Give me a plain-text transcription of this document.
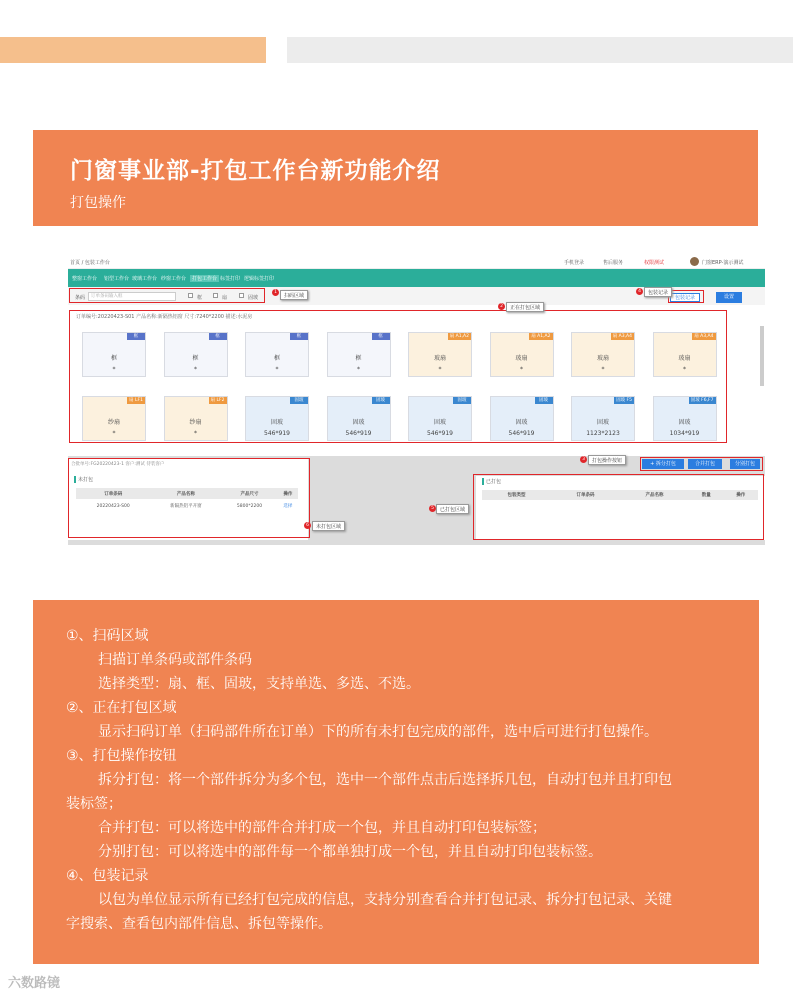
门窗事业部-打包工作台新功能介绍
打包操作
首页 / 包装工作台	手机登录	售后服务	权限测试	门窗ERP-演示测试
整窗工作台 铝型工作台 玻璃工作台 纱窗工作台	打包工作台 标签打印 逻辑标签打印
条码	订单条码输入框	框	扇	固玻	包装记录	设置
订单编号:20220423-S01 产品名称:新隔热铝窗 尺寸:7240*2200 描述:水泥房
框
框
*
框
框
*
框
框
*
框
框
*
扇 A1,A2
玻扇
*
扇 A1,A2
玻扇
*
扇 A3,A4
玻扇
*
扇 A3,A4
玻扇
*
扇 LF1
纱扇
*
扇 LF2
纱扇
*
固玻
固玻
546*919
固玻
固玻
546*919
固玻
固玻
546*919
固玻
固玻
546*919
固玻 F5
固玻
1123*2123
固玻 F6,F7
固玻
1034*919
合批单号:FG20220423-1 客户:测试 待装客户
未打包
订单条码	产品名称	产品尺寸	操作
20220423-S00	新隔热铝平开窗	5800*2200	选择
+ 拆分打包	合并打包	分别打包
已打包
包装类型	订单条码	产品名称	数量	操作
1
扫码区域
2	正在打包区域
4	包装记录
3	打包操作按钮
5	已打包区域
6	未打包区域

①、扫码区域

扫描订单条码或部件条码

选择类型：扇、框、固玻，支持单选、多选、不选。

②、正在打包区域

显示扫码订单（扫码部件所在订单）下的所有未打包完成的部件，选中后可进行打包操作。

③、打包操作按钮

拆分打包：将一个部件拆分为多个包，选中一个部件点击后选择拆几包，自动打包并且打印包

装标签；

合并打包：可以将选中的部件合并打成一个包，并且自动打印包装标签；

分别打包：可以将选中的部件每一个都单独打成一个包，并且自动打印包装标签。

④、包装记录

以包为单位显示所有已经打包完成的信息，支持分别查看合并打包记录、拆分打包记录、关键

字搜索、查看包内部件信息、拆包等操作。

六数路镜
